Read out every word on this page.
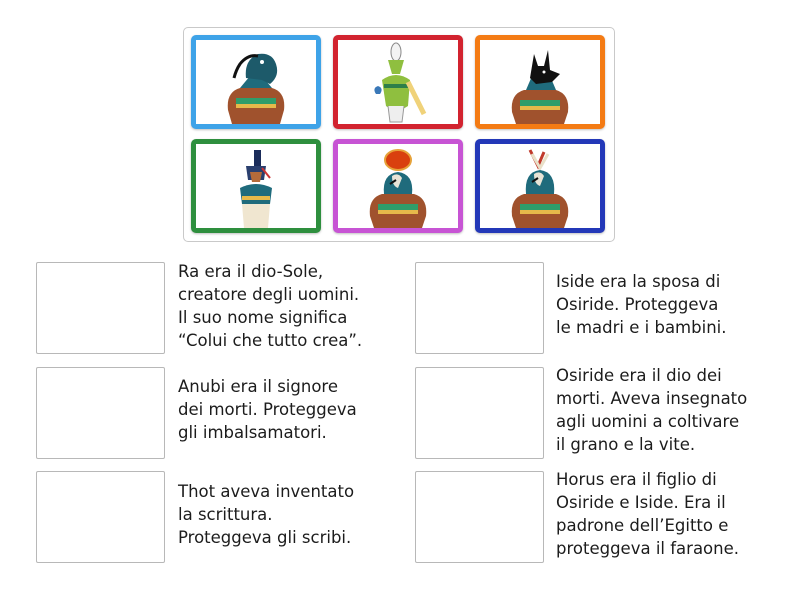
Ra era il dio-Sole,
creatore degli uomini.
Il suo nome significa
“Colui che tutto crea”.
Iside era la sposa di
Osiride. Proteggeva
le madri e i bambini.
Anubi era il signore
dei morti. Proteggeva
gli imbalsamatori.
Osiride era il dio dei
morti. Aveva insegnato
agli uomini a coltivare
il grano e la vite.
Thot aveva inventato
la scrittura.
Proteggeva gli scribi.
Horus era il figlio di
Osiride e Iside. Era il
padrone dell’Egitto e
proteggeva il faraone.
